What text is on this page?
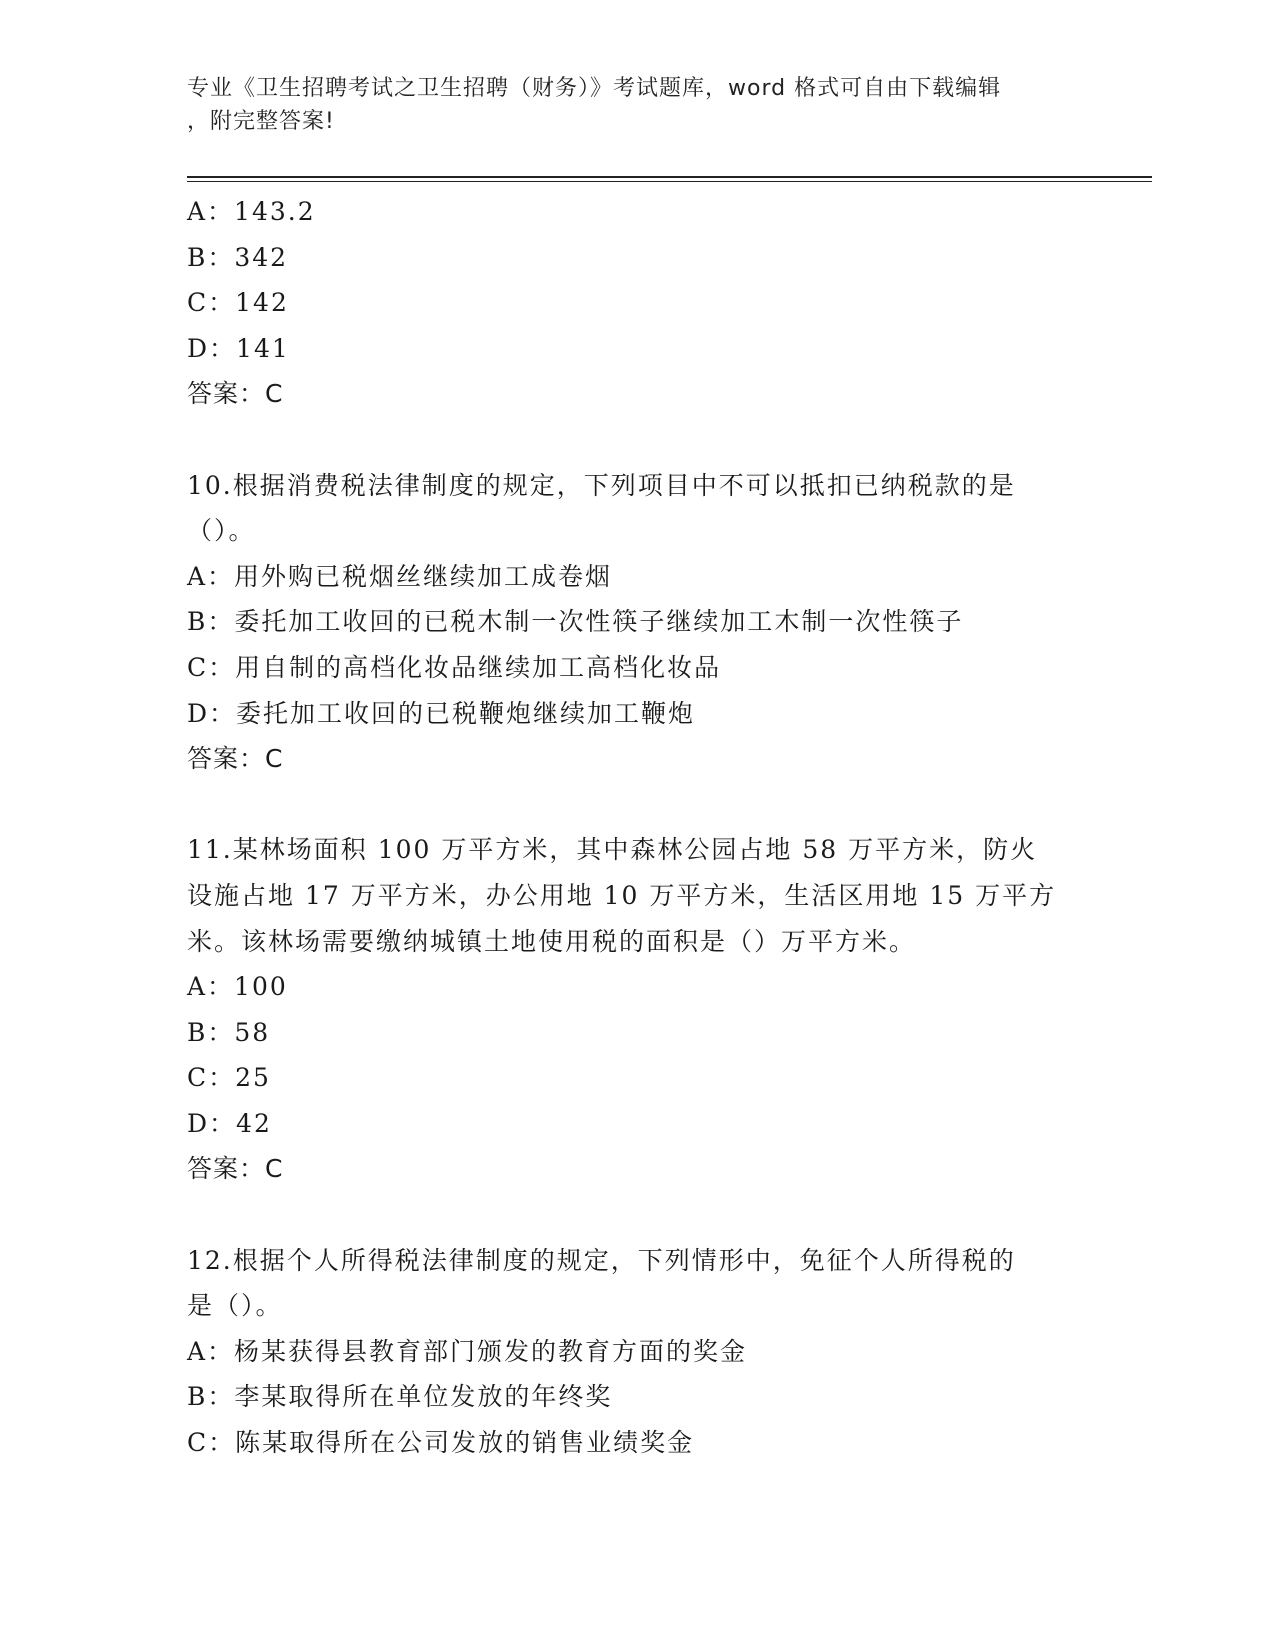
专业《卫生招聘考试之卫生招聘（财务）》考试题库，word 格式可自由下载编辑
，附完整答案!
A：143.2
B：342
C：142
D：141
答案：C
10.根据消费税法律制度的规定，下列项目中不可以抵扣已纳税款的是
（）。
A：用外购已税烟丝继续加工成卷烟
B：委托加工收回的已税木制一次性筷子继续加工木制一次性筷子
C：用自制的高档化妆品继续加工高档化妆品
D：委托加工收回的已税鞭炮继续加工鞭炮
答案：C
11.某林场面积 100 万平方米，其中森林公园占地 58 万平方米，防火
设施占地 17 万平方米，办公用地 10 万平方米，生活区用地 15 万平方
米。该林场需要缴纳城镇土地使用税的面积是（）万平方米。
A：100
B：58
C：25
D：42
答案：C
12.根据个人所得税法律制度的规定，下列情形中，免征个人所得税的
是（）。
A：杨某获得县教育部门颁发的教育方面的奖金
B：李某取得所在单位发放的年终奖
C：陈某取得所在公司发放的销售业绩奖金
